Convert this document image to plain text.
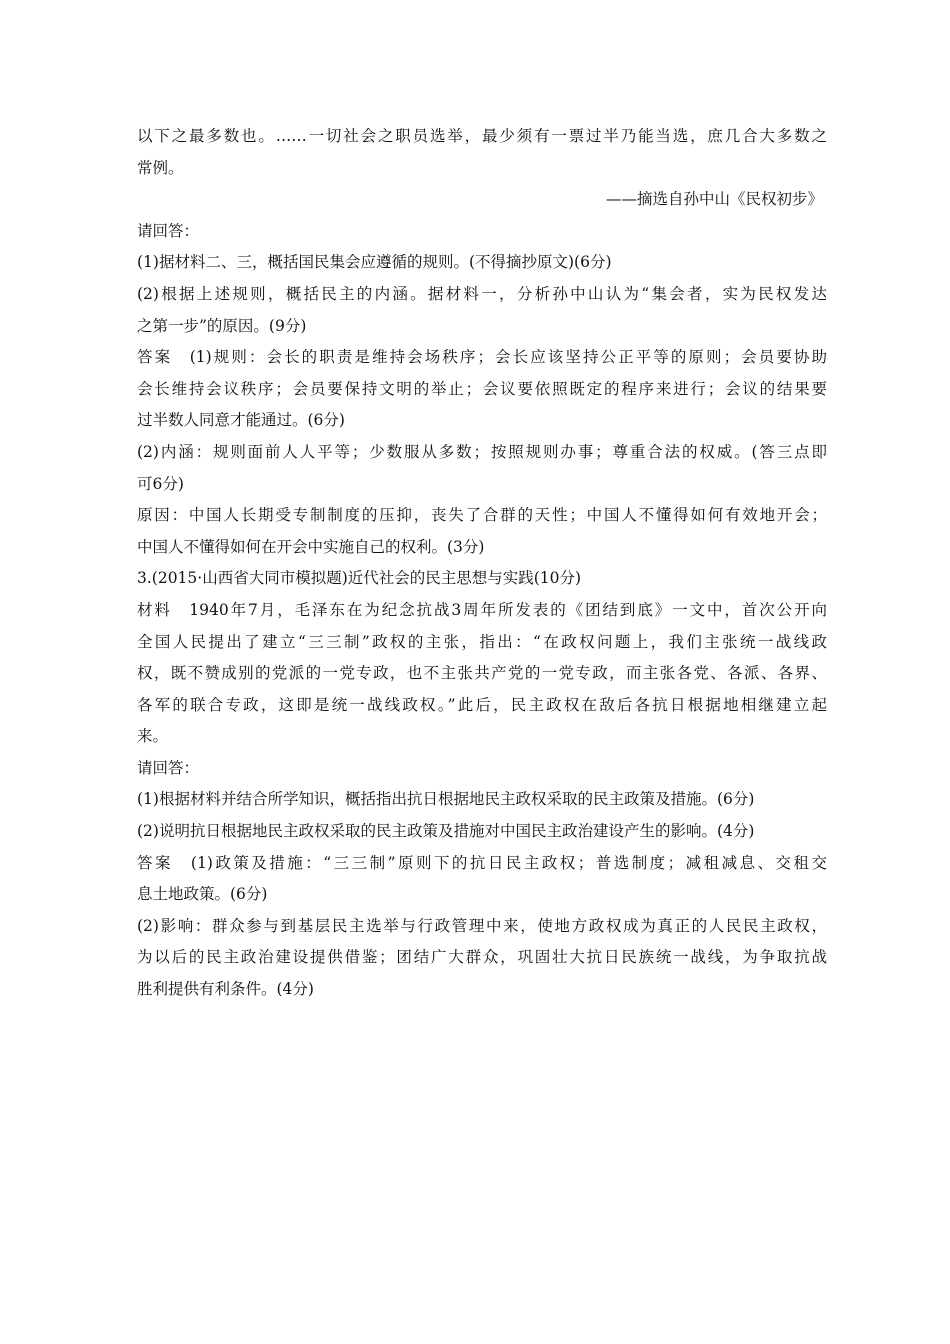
以下之最多数也。……一切社会之职员选举，最少须有一票过半乃能当选，庶几合大多数之
常例。
——摘选自孙中山《民权初步》
请回答：
(1)据材料二、三，概括国民集会应遵循的规则。(不得摘抄原文)(6分)
(2)根据上述规则，概括民主的内涵。据材料一，分析孙中山认为“集会者，实为民权发达
之第一步”的原因。(9分)
答案　(1)规则：会长的职责是维持会场秩序；会长应该坚持公正平等的原则；会员要协助
会长维持会议秩序；会员要保持文明的举止；会议要依照既定的程序来进行；会议的结果要
过半数人同意才能通过。(6分)
(2)内涵：规则面前人人平等；少数服从多数；按照规则办事；尊重合法的权威。(答三点即
可6分)
原因：中国人长期受专制制度的压抑，丧失了合群的天性；中国人不懂得如何有效地开会；
中国人不懂得如何在开会中实施自己的权利。(3分)
3.(2015·山西省大同市模拟题)近代社会的民主思想与实践(10分)
材料　1940年7月，毛泽东在为纪念抗战3周年所发表的《团结到底》一文中，首次公开向
全国人民提出了建立“三三制”政权的主张，指出：“在政权问题上，我们主张统一战线政
权，既不赞成别的党派的一党专政，也不主张共产党的一党专政，而主张各党、各派、各界、
各军的联合专政，这即是统一战线政权。”此后，民主政权在敌后各抗日根据地相继建立起
来。
请回答：
(1)根据材料并结合所学知识，概括指出抗日根据地民主政权采取的民主政策及措施。(6分)
(2)说明抗日根据地民主政权采取的民主政策及措施对中国民主政治建设产生的影响。(4分)
答案　(1)政策及措施：“三三制”原则下的抗日民主政权；普选制度；减租减息、交租交
息土地政策。(6分)
(2)影响：群众参与到基层民主选举与行政管理中来，使地方政权成为真正的人民民主政权，
为以后的民主政治建设提供借鉴；团结广大群众，巩固壮大抗日民族统一战线，为争取抗战
胜利提供有利条件。(4分)
